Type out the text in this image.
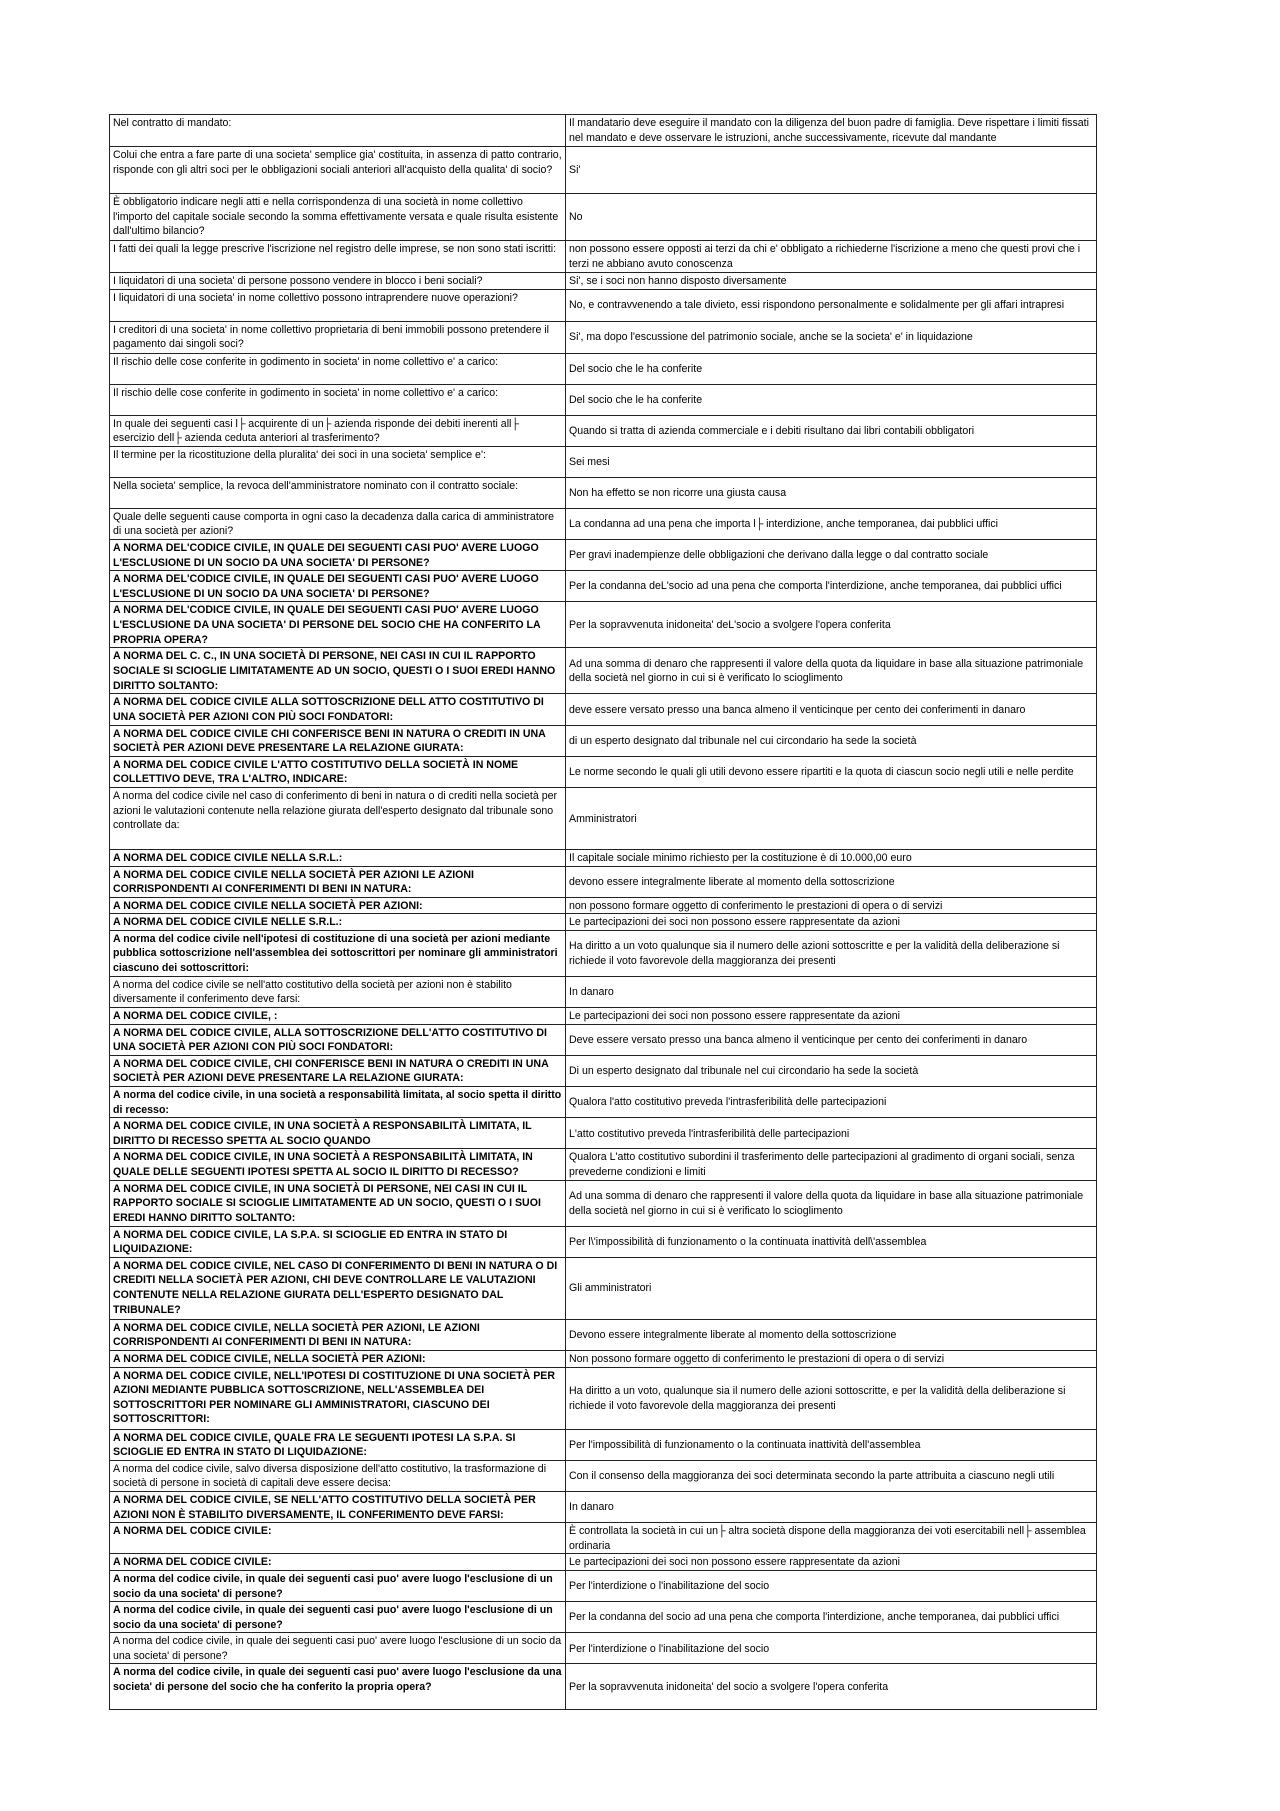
Nel contratto di mandato:	Il mandatario deve eseguire il mandato con la diligenza del buon padre di famiglia. Deve rispettare i limiti fissati nel mandato e deve osservare le istruzioni, anche successivamente, ricevute dal mandante
Colui che entra a fare parte di una societa' semplice gia' costituita, in assenza di patto contrario, risponde con gli altri soci per le obbligazioni sociali anteriori all'acquisto della qualita' di socio?	Si'
È obbligatorio indicare negli atti e nella corrispondenza di una società in nome collettivo l'importo del capitale sociale secondo la somma effettivamente versata e quale risulta esistente dall'ultimo bilancio?	No
I fatti dei quali la legge prescrive l'iscrizione nel registro delle imprese, se non sono stati iscritti:	non possono essere opposti ai terzi da chi e' obbligato a richiederne l'iscrizione a meno che questi provi che i terzi ne abbiano avuto conoscenza
I liquidatori di una societa' di persone possono vendere in blocco i beni sociali?	Si', se i soci non hanno disposto diversamente
I liquidatori di una societa' in nome collettivo possono intraprendere nuove operazioni?	No, e contravvenendo a tale divieto, essi rispondono personalmente e solidalmente per gli affari intrapresi
I creditori di una societa' in nome collettivo proprietaria di beni immobili possono pretendere il pagamento dai singoli soci?	Si', ma dopo l'escussione del patrimonio sociale, anche se la societa' e' in liquidazione
Il rischio delle cose conferite in godimento in societa' in nome collettivo e' a carico:	Del socio che le ha conferite
Il rischio delle cose conferite in godimento in societa' in nome collettivo e' a carico:	Del socio che le ha conferite
In quale dei seguenti casi l├ acquirente di un├ azienda risponde dei debiti inerenti all├ esercizio dell├ azienda ceduta anteriori al trasferimento?	Quando si tratta di azienda commerciale e i debiti risultano dai libri contabili obbligatori
Il termine per la ricostituzione della pluralita' dei soci in una societa' semplice e':	Sei mesi
Nella societa' semplice, la revoca dell'amministratore nominato con il contratto sociale:	Non ha effetto se non ricorre una giusta causa
Quale delle seguenti cause comporta in ogni caso la decadenza dalla carica di amministratore di una società per azioni?	La condanna ad una pena che importa l├ interdizione, anche temporanea, dai pubblici uffici
A NORMA DEL'CODICE CIVILE, IN QUALE DEI SEGUENTI CASI PUO' AVERE LUOGO L'ESCLUSIONE DI UN SOCIO DA UNA SOCIETA' DI PERSONE?	Per gravi inadempienze delle obbligazioni che derivano dalla legge o dal contratto sociale
A NORMA DEL'CODICE CIVILE, IN QUALE DEI SEGUENTI CASI PUO' AVERE LUOGO L'ESCLUSIONE DI UN SOCIO DA UNA SOCIETA' DI PERSONE?	Per la condanna deL'socio ad una pena che comporta l'interdizione, anche temporanea, dai pubblici uffici
A NORMA DEL'CODICE CIVILE, IN QUALE DEI SEGUENTI CASI PUO' AVERE LUOGO L'ESCLUSIONE DA UNA SOCIETA' DI PERSONE DEL SOCIO CHE HA CONFERITO LA PROPRIA OPERA?	Per la sopravvenuta inidoneita' deL'socio a svolgere l'opera conferita
A NORMA DEL C. C., IN UNA SOCIETÀ DI PERSONE, NEI CASI IN CUI IL RAPPORTO SOCIALE SI SCIOGLIE LIMITATAMENTE AD UN SOCIO, QUESTI O I SUOI EREDI HANNO DIRITTO SOLTANTO:	Ad una somma di denaro che rappresenti il valore della quota da liquidare in base alla situazione patrimoniale della società nel giorno in cui si è verificato lo scioglimento
A NORMA DEL CODICE CIVILE ALLA SOTTOSCRIZIONE DELL ATTO COSTITUTIVO DI UNA SOCIETÀ PER AZIONI CON PIÙ SOCI FONDATORI:	deve essere versato presso una banca almeno il venticinque per cento dei conferimenti in danaro
A NORMA DEL CODICE CIVILE CHI CONFERISCE BENI IN NATURA O CREDITI IN UNA SOCIETÀ PER AZIONI DEVE PRESENTARE LA RELAZIONE GIURATA:	di un esperto designato dal tribunale nel cui circondario ha sede la società
A NORMA DEL CODICE CIVILE L'ATTO COSTITUTIVO DELLA SOCIETÀ IN NOME COLLETTIVO DEVE, TRA L'ALTRO, INDICARE:	Le norme secondo le quali gli utili devono essere ripartiti e la quota di ciascun socio negli utili e nelle perdite
A norma del codice civile nel caso di conferimento di beni in natura o di crediti nella società per azioni le valutazioni contenute nella relazione giurata dell'esperto designato dal tribunale sono controllate da:	Amministratori
A NORMA DEL CODICE CIVILE NELLA S.R.L.:	Il capitale sociale minimo richiesto per la costituzione è di 10.000,00 euro
A NORMA DEL CODICE CIVILE NELLA SOCIETÀ PER AZIONI LE AZIONI CORRISPONDENTI AI CONFERIMENTI DI BENI IN NATURA:	devono essere integralmente liberate al momento della sottoscrizione
A NORMA DEL CODICE CIVILE NELLA SOCIETÀ PER AZIONI:	non possono formare oggetto di conferimento le prestazioni di opera o di servizi
A NORMA DEL CODICE CIVILE NELLE S.R.L.:	Le partecipazioni dei soci non possono essere rappresentate da azioni
A norma del codice civile nell'ipotesi di costituzione di una società per azioni mediante pubblica sottoscrizione nell'assemblea dei sottoscrittori per nominare gli amministratori ciascuno dei sottoscrittori:	Ha diritto a un voto qualunque sia il numero delle azioni sottoscritte e per la validità della deliberazione si richiede il voto favorevole della maggioranza dei presenti
A norma del codice civile se nell'atto costitutivo della società per azioni non è stabilito diversamente il conferimento deve farsi:	In danaro
A NORMA DEL CODICE CIVILE, :	Le partecipazioni dei soci non possono essere rappresentate da azioni
A NORMA DEL CODICE CIVILE, ALLA SOTTOSCRIZIONE DELL'ATTO COSTITUTIVO DI UNA SOCIETÀ PER AZIONI CON PIÙ SOCI FONDATORI:	Deve essere versato presso una banca almeno il venticinque per cento dei conferimenti in danaro
A NORMA DEL CODICE CIVILE, CHI CONFERISCE BENI IN NATURA O CREDITI IN UNA SOCIETÀ PER AZIONI DEVE PRESENTARE LA RELAZIONE GIURATA:	Di un esperto designato dal tribunale nel cui circondario ha sede la società
A norma del codice civile, in una società a responsabilità limitata, al socio spetta il diritto di recesso:	Qualora l'atto costitutivo preveda l'intrasferibilità delle partecipazioni
A NORMA DEL CODICE CIVILE, IN UNA SOCIETÀ A RESPONSABILITÀ LIMITATA, IL DIRITTO DI RECESSO SPETTA AL SOCIO QUANDO	L'atto costitutivo preveda l'intrasferibilità delle partecipazioni
A NORMA DEL CODICE CIVILE, IN UNA SOCIETÀ A RESPONSABILITÀ LIMITATA, IN QUALE DELLE SEGUENTI IPOTESI SPETTA AL SOCIO IL DIRITTO DI RECESSO?	Qualora L'atto costitutivo subordini il trasferimento delle partecipazioni al gradimento di organi sociali, senza prevederne condizioni e limiti
A NORMA DEL CODICE CIVILE, IN UNA SOCIETÀ DI PERSONE, NEI CASI IN CUI IL RAPPORTO SOCIALE SI SCIOGLIE LIMITATAMENTE AD UN SOCIO, QUESTI O I SUOI EREDI HANNO DIRITTO SOLTANTO:	Ad una somma di denaro che rappresenti il valore della quota da liquidare in base alla situazione patrimoniale della società nel giorno in cui si è verificato lo scioglimento
A NORMA DEL CODICE CIVILE, LA S.P.A. SI SCIOGLIE ED ENTRA IN STATO DI LIQUIDAZIONE:	Per l\'impossibilità di funzionamento o la continuata inattività dell\'assemblea
A NORMA DEL CODICE CIVILE, NEL CASO DI CONFERIMENTO DI BENI IN NATURA O DI CREDITI NELLA SOCIETÀ PER AZIONI, CHI DEVE CONTROLLARE LE VALUTAZIONI CONTENUTE NELLA RELAZIONE GIURATA DELL'ESPERTO DESIGNATO DAL TRIBUNALE?	Gli amministratori
A NORMA DEL CODICE CIVILE, NELLA SOCIETÀ PER AZIONI, LE AZIONI CORRISPONDENTI AI CONFERIMENTI DI BENI IN NATURA:	Devono essere integralmente liberate al momento della sottoscrizione
A NORMA DEL CODICE CIVILE, NELLA SOCIETÀ PER AZIONI:	Non possono formare oggetto di conferimento le prestazioni di opera o di servizi
A NORMA DEL CODICE CIVILE, NELL'IPOTESI DI COSTITUZIONE DI UNA SOCIETÀ PER AZIONI MEDIANTE PUBBLICA SOTTOSCRIZIONE, NELL'ASSEMBLEA DEI SOTTOSCRITTORI PER NOMINARE GLI AMMINISTRATORI, CIASCUNO DEI SOTTOSCRITTORI:	Ha diritto a un voto, qualunque sia il numero delle azioni sottoscritte, e per la validità della deliberazione si richiede il voto favorevole della maggioranza dei presenti
A NORMA DEL CODICE CIVILE, QUALE FRA LE SEGUENTI IPOTESI LA S.P.A. SI SCIOGLIE ED ENTRA IN STATO DI LIQUIDAZIONE:	Per l'impossibilità di funzionamento o la continuata inattività dell'assemblea
A norma del codice civile, salvo diversa disposizione dell'atto costitutivo, la trasformazione di società di persone in società di capitali deve essere decisa:	Con il consenso della maggioranza dei soci determinata secondo la parte attribuita a ciascuno negli utili
A NORMA DEL CODICE CIVILE, SE NELL'ATTO COSTITUTIVO DELLA SOCIETÀ PER AZIONI NON È STABILITO DIVERSAMENTE, IL CONFERIMENTO DEVE FARSI:	In danaro
A NORMA DEL CODICE CIVILE:	È controllata la società in cui un├ altra società dispone della maggioranza dei voti esercitabili nell├ assemblea ordinaria
A NORMA DEL CODICE CIVILE:	Le partecipazioni dei soci non possono essere rappresentate da azioni
A norma del codice civile, in quale dei seguenti casi puo' avere luogo l'esclusione di un socio da una societa' di persone?	Per l'interdizione o l'inabilitazione del socio
A norma del codice civile, in quale dei seguenti casi puo' avere luogo l'esclusione di un socio da una societa' di persone?	Per la condanna del socio ad una pena che comporta l'interdizione, anche temporanea, dai pubblici uffici
A norma del codice civile, in quale dei seguenti casi puo' avere luogo l'esclusione di un socio da una societa' di persone?	Per l'interdizione o l'inabilitazione del socio
A norma del codice civile, in quale dei seguenti casi puo' avere luogo l'esclusione da una societa' di persone del socio che ha conferito la propria opera?	Per la sopravvenuta inidoneita' del socio a svolgere l'opera conferita
